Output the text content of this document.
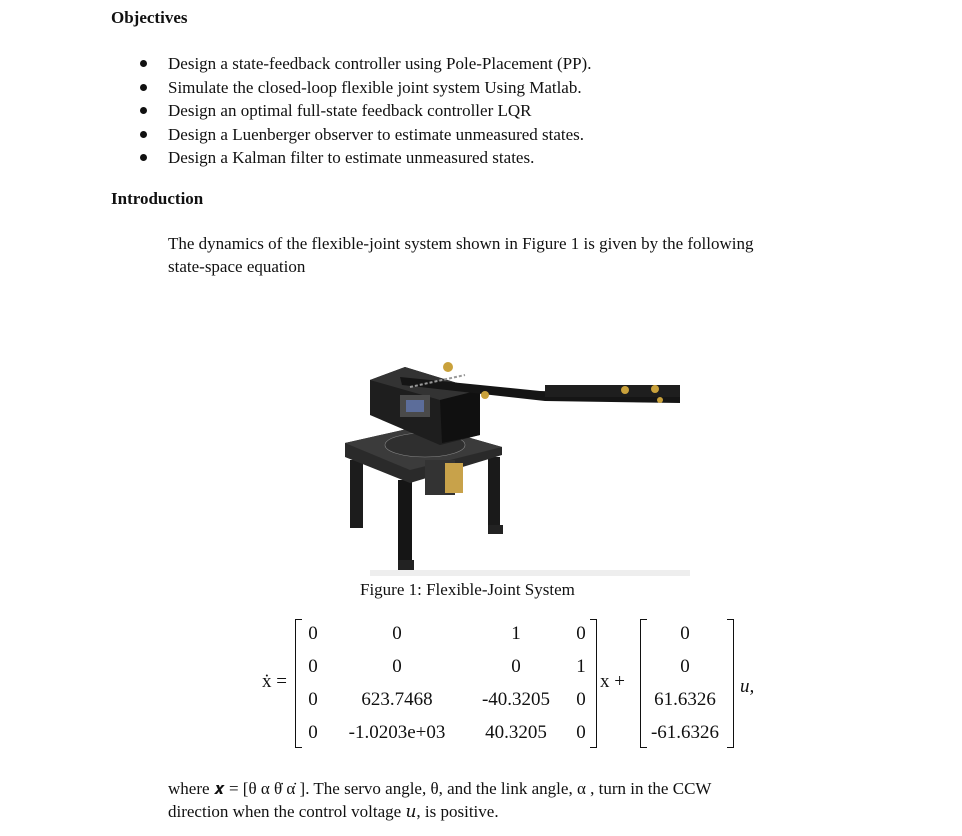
Objectives
Design a state-feedback controller using Pole-Placement (PP).
Simulate the closed-loop flexible joint system Using Matlab.
Design an optimal full-state feedback controller LQR
Design a Luenberger observer to estimate unmeasured states.
Design a Kalman filter to estimate unmeasured states.
Introduction
The dynamics of the flexible-joint system shown in Figure 1 is given by the following
state-space equation
Figure 1: Flexible-Joint System
ẋ =
0	0	1	0
0	0	0	1
0 623.7468	-40.3205 0
0 -1.0203e+03 40.3205 0
x +
0
0
61.6326
-61.6326
u,
where 𝒙 = [θ α θ̇ α̇ ]. The servo angle, θ, and the link angle, α , turn in the CCW
direction when the control voltage 𝑢, is positive.
